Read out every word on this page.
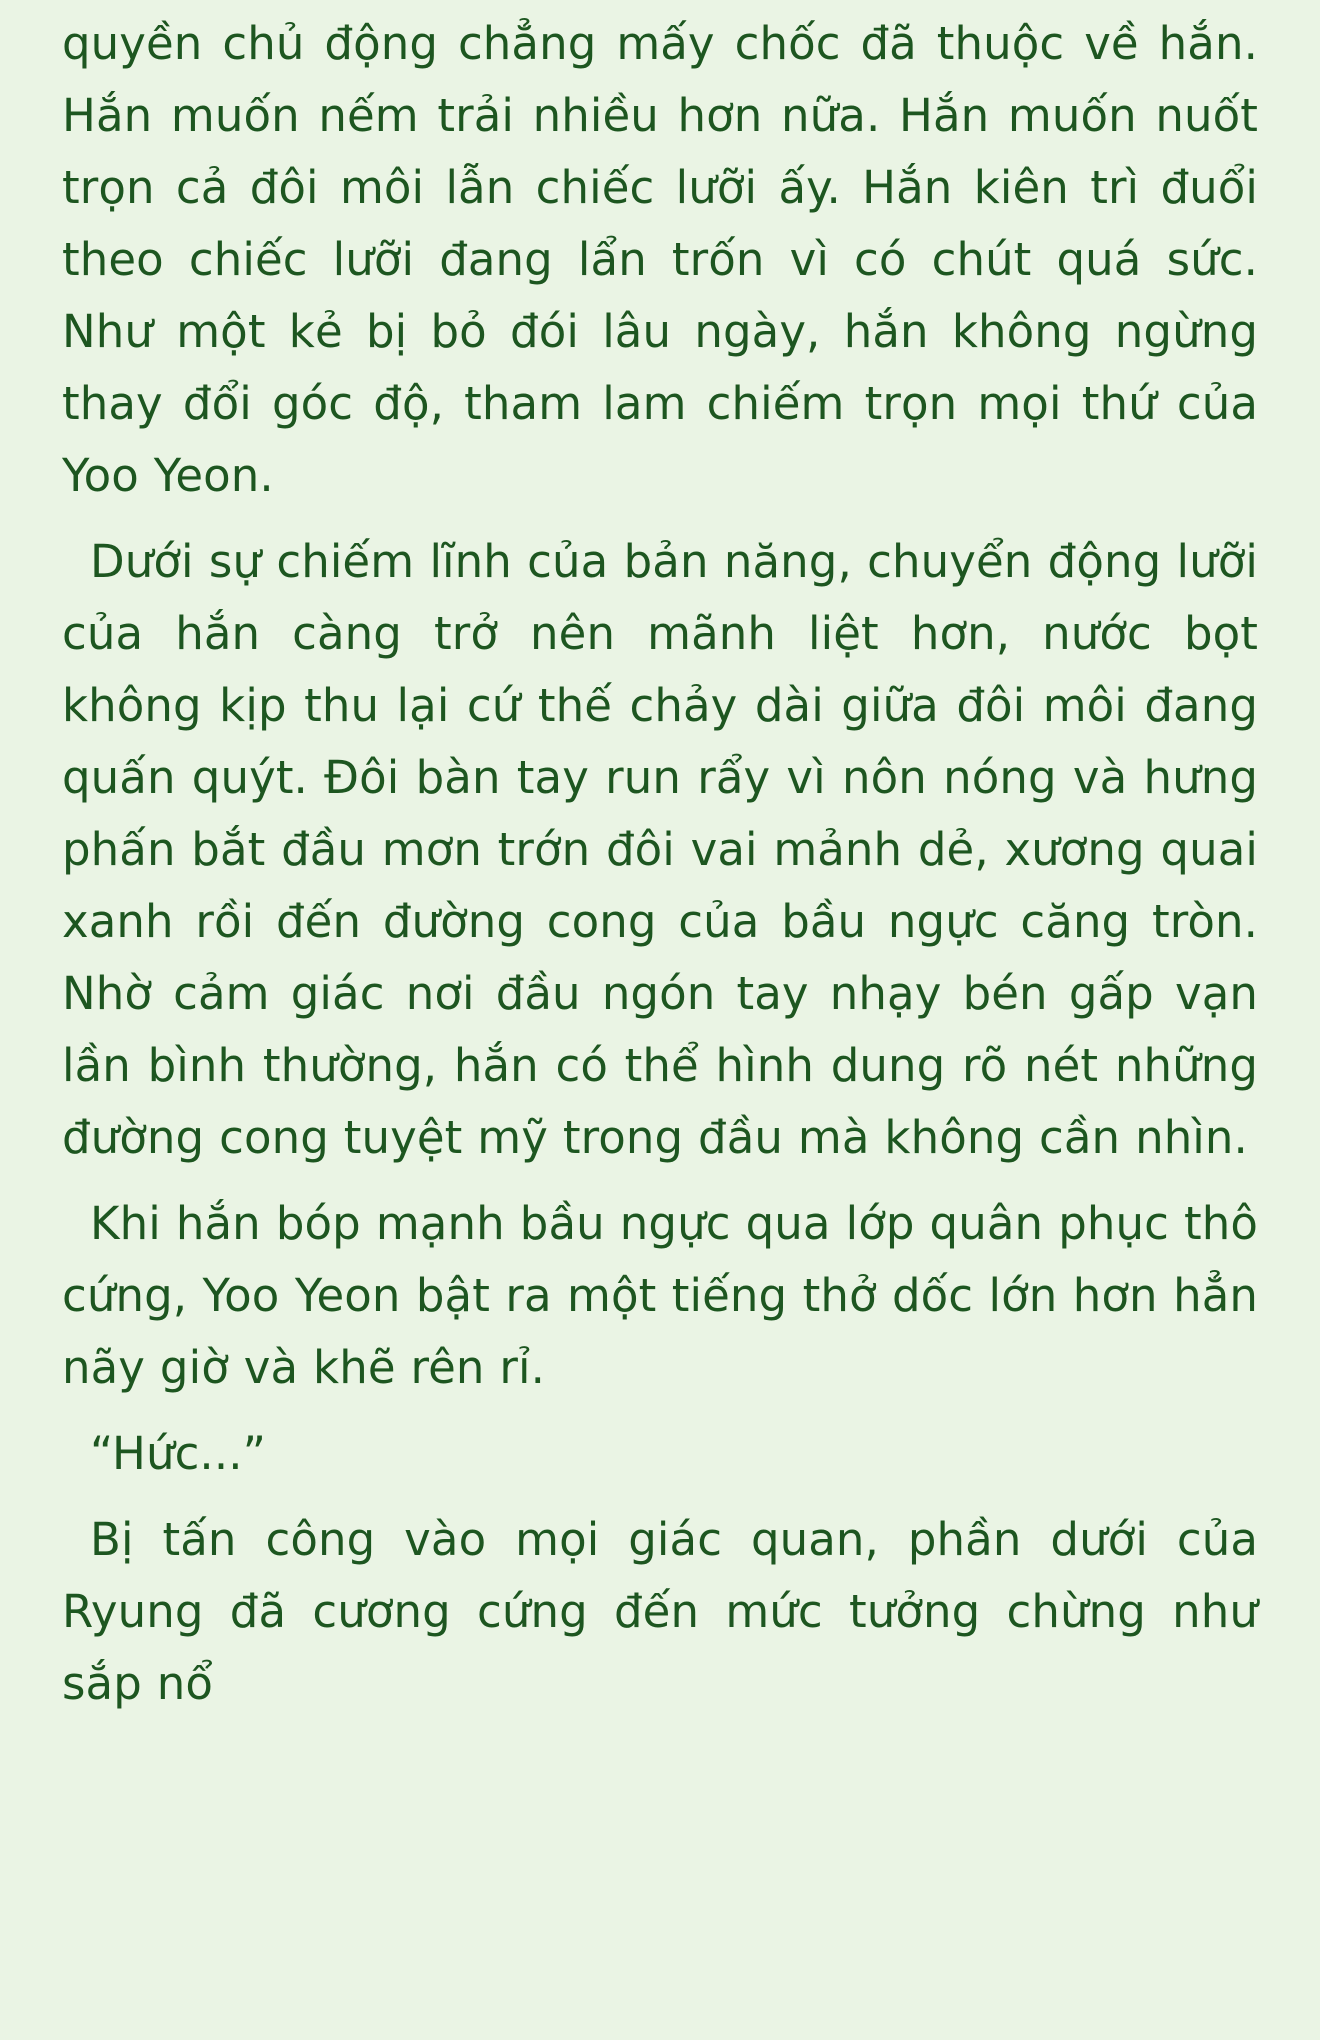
quyền chủ động chẳng mấy chốc đã thuộc về hắn. Hắn muốn nếm trải nhiều hơn nữa. Hắn muốn nuốt trọn cả đôi môi lẫn chiếc lưỡi ấy. Hắn kiên trì đuổi theo chiếc lưỡi đang lẩn trốn vì có chút quá sức. Như một kẻ bị bỏ đói lâu ngày, hắn không ngừng thay đổi góc độ, tham lam chiếm trọn mọi thứ của Yoo Yeon.

Dưới sự chiếm lĩnh của bản năng, chuyển động lưỡi của hắn càng trở nên mãnh liệt hơn, nước bọt không kịp thu lại cứ thế chảy dài giữa đôi môi đang quấn quýt. Đôi bàn tay run rẩy vì nôn nóng và hưng phấn bắt đầu mơn trớn đôi vai mảnh dẻ, xương quai xanh rồi đến đường cong của bầu ngực căng tròn. Nhờ cảm giác nơi đầu ngón tay nhạy bén gấp vạn lần bình thường, hắn có thể hình dung rõ nét những đường cong tuyệt mỹ trong đầu mà không cần nhìn.

Khi hắn bóp mạnh bầu ngực qua lớp quân phục thô cứng, Yoo Yeon bật ra một tiếng thở dốc lớn hơn hẳn nãy giờ và khẽ rên rỉ.

“Hức...”

Bị tấn công vào mọi giác quan, phần dưới của Ryung đã cương cứng đến mức tưởng chừng như sắp nổ
